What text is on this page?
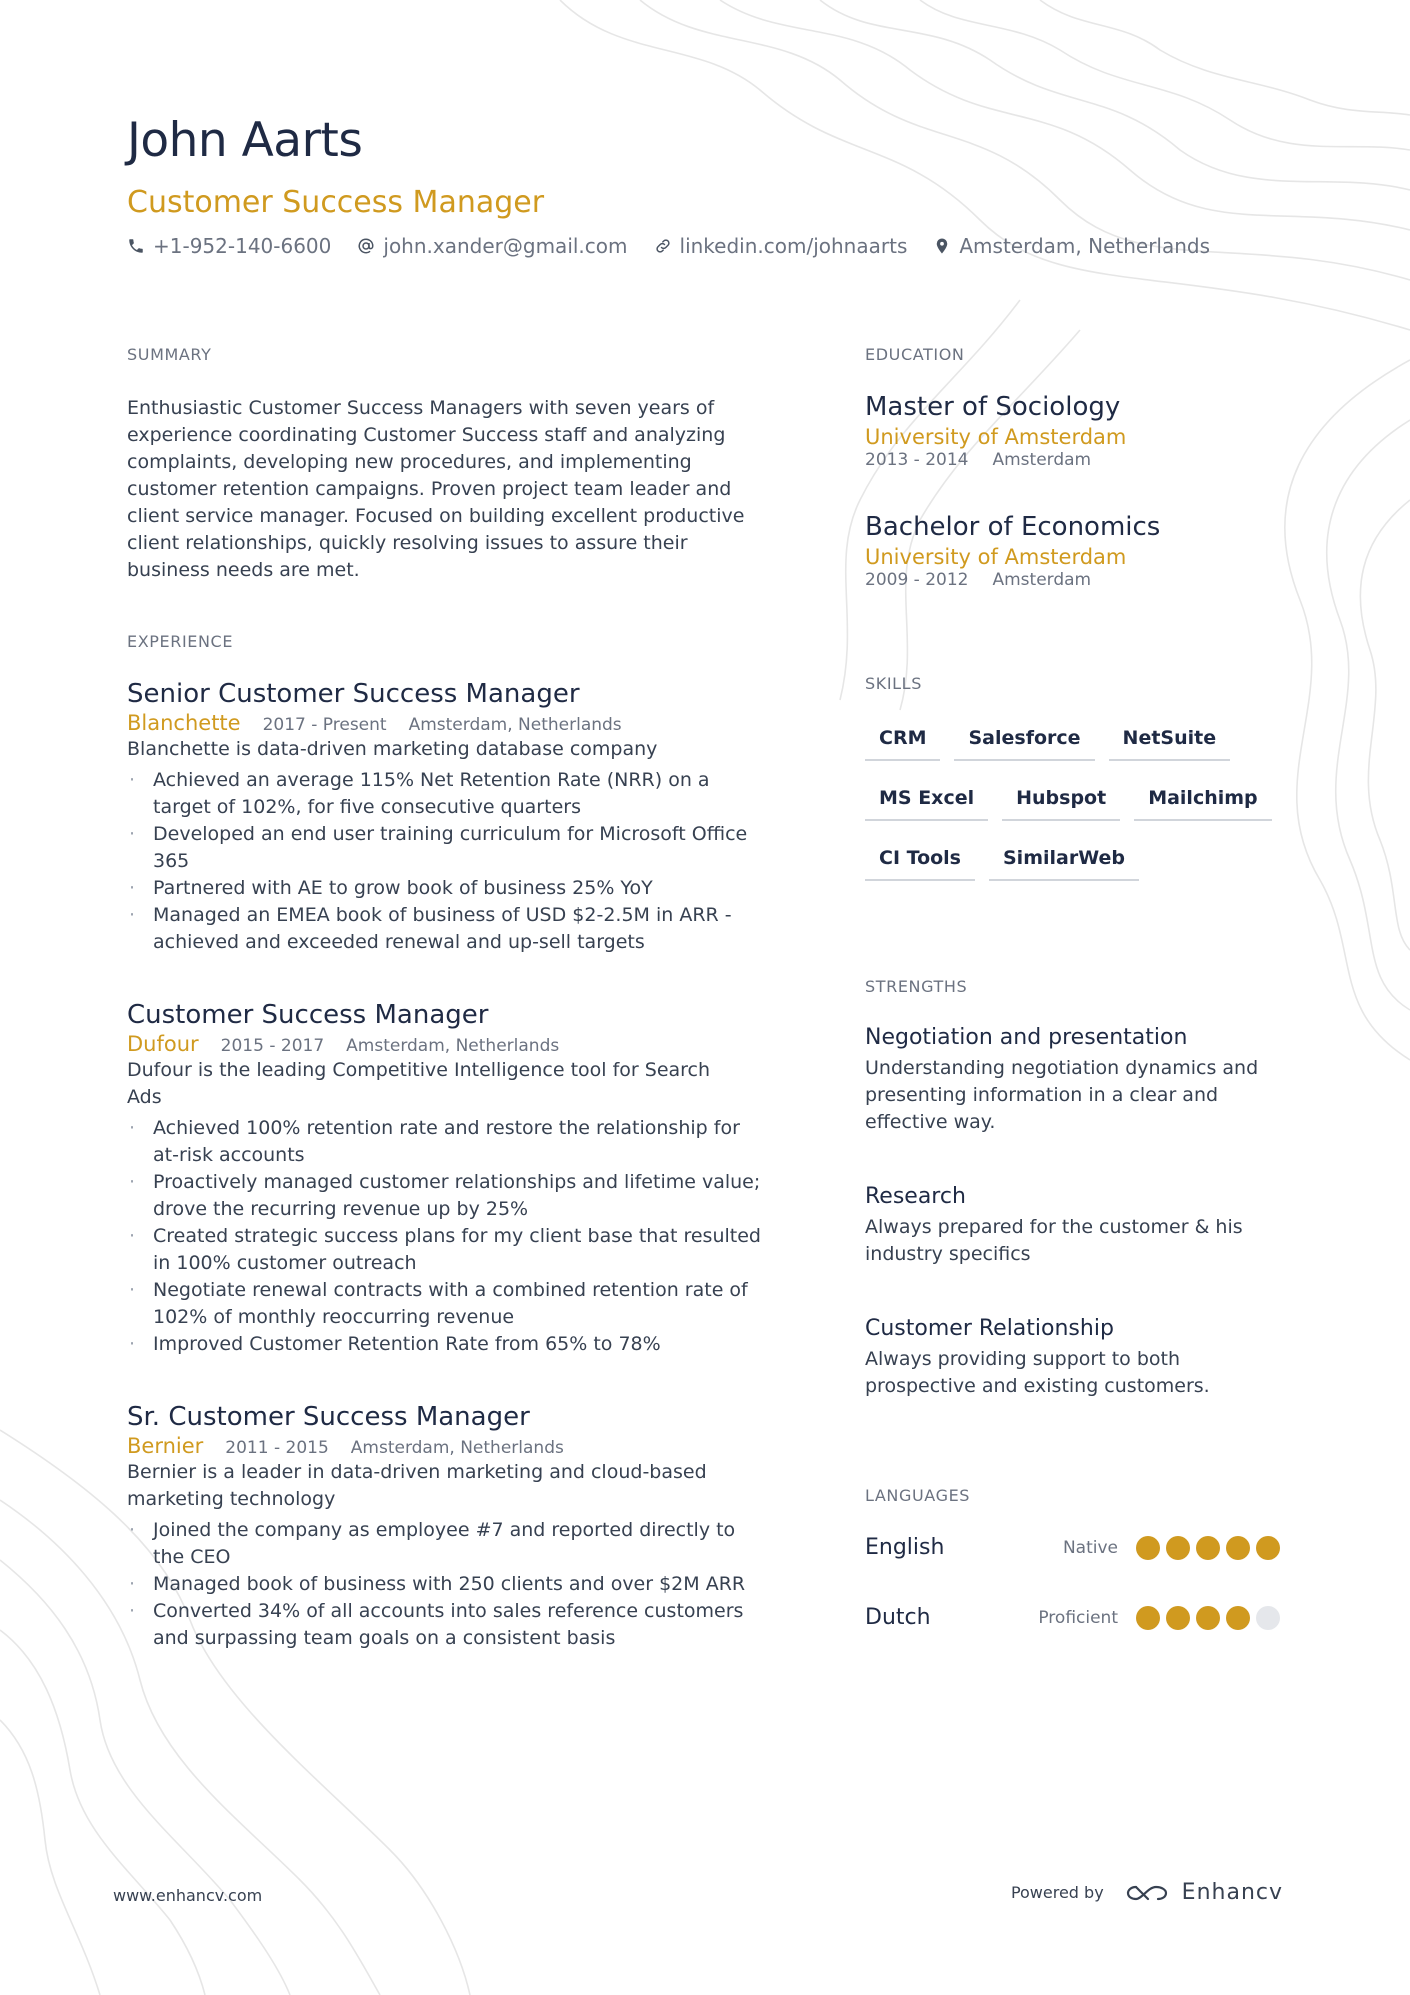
John Aarts
Customer Success Manager
+1-952-140-6600	john.xander@gmail.com	linkedin.com/johnaarts	Amsterdam, Netherlands
SUMMARY
Enthusiastic Customer Success Managers with seven years of experience coordinating Customer Success staff and analyzing complaints, developing new procedures, and implementing customer retention campaigns. Proven project team leader and client service manager. Focused on building excellent productive client relationships, quickly resolving issues to assure their business needs are met.
EXPERIENCE
Senior Customer Success Manager
Blanchette 2017 - Present Amsterdam, Netherlands
Blanchette is data-driven marketing database company
· Achieved an average 115% Net Retention Rate (NRR) on a target of 102%, for five consecutive quarters
· Developed an end user training curriculum for Microsoft Office 365
· Partnered with AE to grow book of business 25% YoY
· Managed an EMEA book of business of USD $2-2.5M in ARR - achieved and exceeded renewal and up-sell targets
Customer Success Manager
Dufour 2015 - 2017 Amsterdam, Netherlands
Dufour is the leading Competitive Intelligence tool for Search Ads
· Achieved 100% retention rate and restore the relationship for at-risk accounts
· Proactively managed customer relationships and lifetime value; drove the recurring revenue up by 25%
· Created strategic success plans for my client base that resulted in 100% customer outreach
· Negotiate renewal contracts with a combined retention rate of 102% of monthly reoccurring revenue
· Improved Customer Retention Rate from 65% to 78%
Sr. Customer Success Manager
Bernier 2011 - 2015 Amsterdam, Netherlands
Bernier is a leader in data-driven marketing and cloud-based marketing technology
· Joined the company as employee #7 and reported directly to the CEO
· Managed book of business with 250 clients and over $2M ARR
· Converted 34% of all accounts into sales reference customers and surpassing team goals on a consistent basis
EDUCATION
Master of Sociology
University of Amsterdam
2013 - 2014 Amsterdam
Bachelor of Economics
University of Amsterdam
2009 - 2012 Amsterdam
SKILLS
CRM	Salesforce	NetSuite
MS Excel	Hubspot	Mailchimp
CI Tools	SimilarWeb
STRENGTHS
Negotiation and presentation
Understanding negotiation dynamics and presenting information in a clear and effective way.
Research
Always prepared for the customer & his industry specifics
Customer Relationship
Always providing support to both prospective and existing customers.
LANGUAGES
English	Native
Dutch	Proficient
www.enhancv.com	Powered by	Enhancv
